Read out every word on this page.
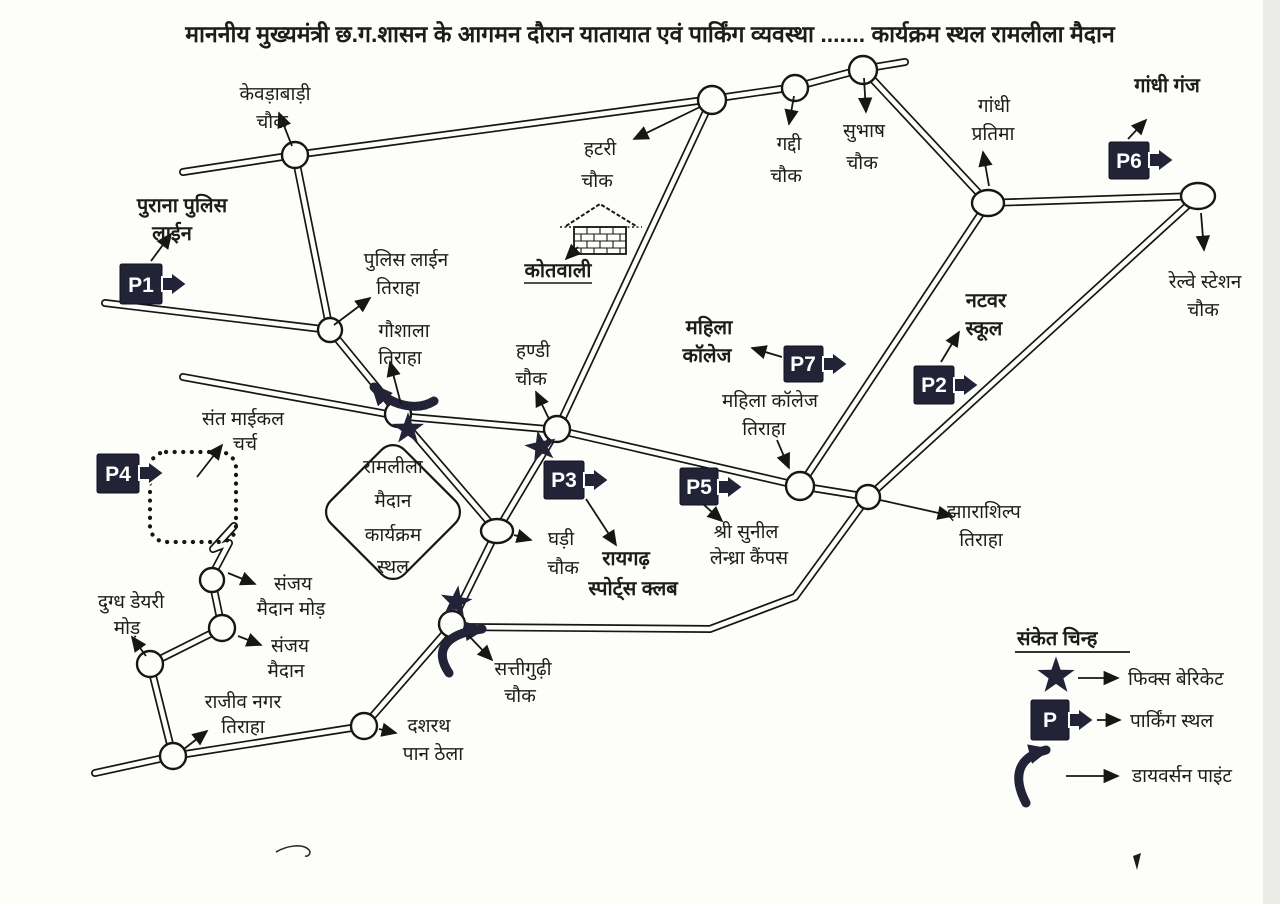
माननीय मुख्यमंत्री छ.ग.शासन के आगमन दौरान यातायात एवं पार्किंग व्यवस्था ....... कार्यक्रम स्थल रामलीला मैदान
रामलीला
मैदान
कार्यक्रम
स्थल
P1
P2
P3
P4
P5
P6
P7
केवड़ाबाड़ी
चौक
पुराना पुलिस
लाईन
पुलिस लाईन
तिराहा
गौशाला
तिराहा
हटरी
चौक
कोतवाली
गद्दी
चौक
सुभाष
चौक
गांधी
प्रतिमा
गांधी गंज
रेल्वे स्टेशन
चौक
नटवर
स्कूल
महिला
कॉलेज
महिला कॉलेज
तिराहा
हण्डी
चौक
झााराशिल्प
तिराहा
श्री सुनील
लेन्ध्रा कैंपस
रायगढ़
स्पोर्ट्स क्लब
घड़ी
चौक
सत्तीगुढ़ी
चौक
दशरथ
पान ठेला
राजीव नगर
तिराहा
दुग्ध डेयरी
मोड़
संजय
मैदान मोड़
संजय
मैदान
संत माईकल
चर्च
संकेत चिन्ह
फिक्स बेरिकेट
P	पार्किंग स्थल
डायवर्सन पाइंट
